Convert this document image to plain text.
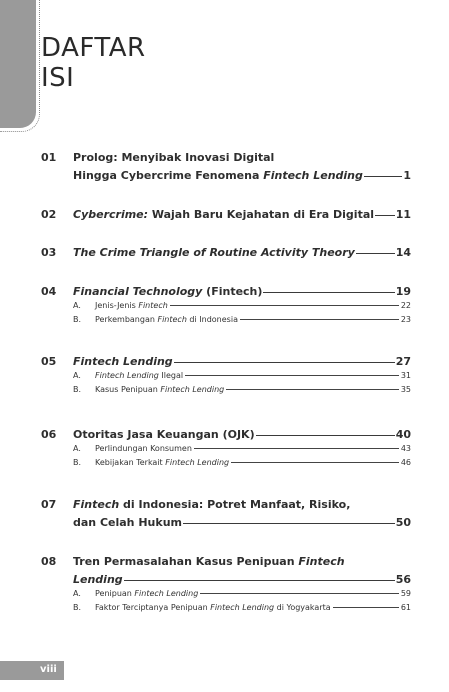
DAFTAR
ISI
01 Prolog: Menyibak Inovasi Digital
Hingga Cybercrime Fenomena Fintech Lending	1
02 Cybercrime: Wajah Baru Kejahatan di Era Digital 11
03 The Crime Triangle of Routine Activity Theory	14
04 Financial Technology (Fintech)	19
A.	Jenis-Jenis Fintech	22
B.	Perkembangan Fintech di Indonesia	23
05 Fintech Lending	27
A.	Fintech Lending Ilegal	31
B.	Kasus Penipuan Fintech Lending	35
06 Otoritas Jasa Keuangan (OJK)	40
A.	Perlindungan Konsumen	43
B.	Kebijakan Terkait Fintech Lending	46
07 Fintech di Indonesia: Potret Manfaat, Risiko,
dan Celah Hukum	50
08 Tren Permasalahan Kasus Penipuan Fintech
Lending	56
A.	Penipuan Fintech Lending	59
B.	Faktor Terciptanya Penipuan Fintech Lending di Yogyakarta	61
viii
